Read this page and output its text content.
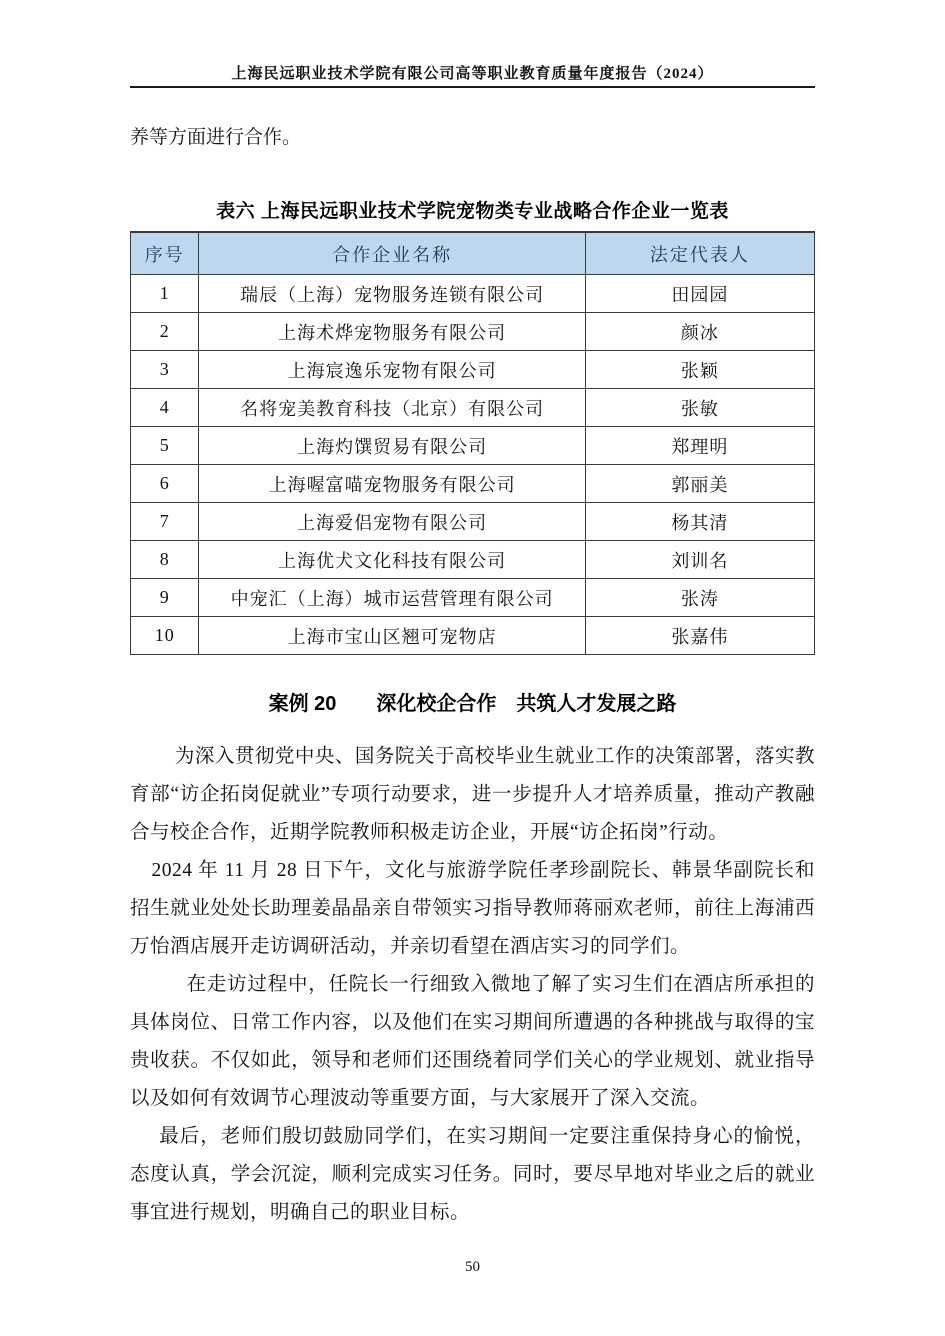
上海民远职业技术学院有限公司高等职业教育质量年度报告（2024）

养等方面进行合作。

表六 上海民远职业技术学院宠物类专业战略合作企业一览表
序号	合作企业名称	法定代表人
1	瑞辰（上海）宠物服务连锁有限公司	田园园
2	上海术烨宠物服务有限公司	颜冰
3	上海宸逸乐宠物有限公司	张颖
4	名将宠美教育科技（北京）有限公司	张敏
5	上海灼馔贸易有限公司	郑理明
6	上海喔富喵宠物服务有限公司	郭丽美
7	上海爱侣宠物有限公司	杨其清
8	上海优犬文化科技有限公司	刘训名
9	中宠汇（上海）城市运营管理有限公司	张涛
10	上海市宝山区翘可宠物店	张嘉伟
案例 20　　深化校企合作　共筑人才发展之路

为深入贯彻党中央、国务院关于高校毕业生就业工作的决策部署，落实教育部“访企拓岗促就业”专项行动要求，进一步提升人才培养质量，推动产教融合与校企合作，近期学院教师积极走访企业，开展“访企拓岗”行动。

2024 年 11 月 28 日下午，文化与旅游学院任孝珍副院长、韩景华副院长和招生就业处处长助理姜晶晶亲自带领实习指导教师蒋丽欢老师，前往上海浦西万怡酒店展开走访调研活动，并亲切看望在酒店实习的同学们。

在走访过程中，任院长一行细致入微地了解了实习生们在酒店所承担的具体岗位、日常工作内容，以及他们在实习期间所遭遇的各种挑战与取得的宝贵收获。不仅如此，领导和老师们还围绕着同学们关心的学业规划、就业指导以及如何有效调节心理波动等重要方面，与大家展开了深入交流。

最后，老师们殷切鼓励同学们，在实习期间一定要注重保持身心的愉悦，态度认真，学会沉淀，顺利完成实习任务。同时，要尽早地对毕业之后的就业事宜进行规划，明确自己的职业目标。

50
